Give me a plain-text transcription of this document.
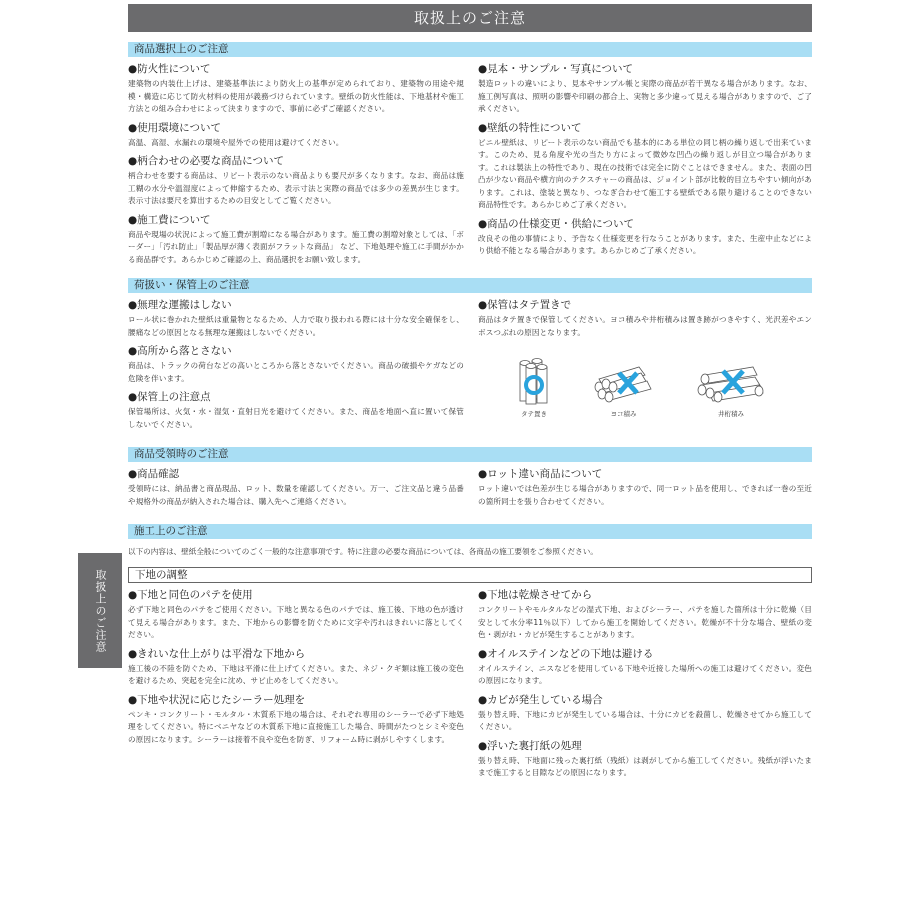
取扱上のご注意
取扱上のご注意
商品選択上のご注意
●防火性について
建築物の内装仕上げは、建築基準法により防火上の基準が定められており、建築物の用途や規模・構造に応じて防火材料の使用が義務づけられています。壁紙の防火性能は、下地基材や施工方法との組み合わせによって決まりますので、事前に必ずご確認ください。
●使用環境について
高温、高湿、水漏れの環境や屋外での使用は避けてください。
●柄合わせの必要な商品について
柄合わせを要する商品は、リピート表示のない商品よりも要尺が多くなります。なお、商品は施工糊の水分や温湿度によって伸縮するため、表示寸法と実際の商品では多少の差異が生じます。表示寸法は要尺を算出するための目安としてご覧ください。
●施工費について
商品や現場の状況によって施工費が割増になる場合があります。施工費の割増対象としては、「ボーダー」「汚れ防止」「製品厚が薄く表面がフラットな商品」 など、下地処理や施工に手間がかかる商品群です。あらかじめご確認の上、商品選択をお願い致します。
●見本・サンプル・写真について
製造ロットの違いにより、見本やサンプル帳と実際の商品が若干異なる場合があります。なお、施工例写真は、照明の影響や印刷の都合上、実物と多少違って見える場合がありますので、ご了承ください。
●壁紙の特性について
ビニル壁紙は、リピート表示のない商品でも基本的にある単位の同じ柄の繰り返しで出来ています。このため、見る角度や光の当たり方によって微妙な凹凸の繰り返しが目立つ場合があります。これは製法上の特性であり、現在の技術では完全に防ぐことはできません。また、表面の凹凸が少ない商品や横方向のテクスチャーの商品は、ジョイント部が比較的目立ちやすい傾向があります。これは、塗装と異なり、つなぎ合わせて施工する壁紙である限り避けることのできない商品特性です。あらかじめご了承ください。
●商品の仕様変更・供給について
改良その他の事情により、予告なく仕様変更を行なうことがあります。また、生産中止などにより供給不能となる場合があります。あらかじめご了承ください。
荷扱い・保管上のご注意
●無理な運搬はしない
ロール状に巻かれた壁紙は重量物となるため、人力で取り扱われる際には十分な安全確保をし、腰痛などの原因となる無理な運搬はしないでください。
●高所から落とさない
商品は、トラックの荷台などの高いところから落とさないでください。商品の破損やケガなどの危険を伴います。
●保管上の注意点
保管場所は、火気・水・湿気・直射日光を避けてください。また、商品を地面へ直に置いて保管しないでください。
●保管はタテ置きで
商品はタテ置きで保管してください。ヨコ積みや井桁積みは置き跡がつきやすく、光沢差やエンボスつぶれの原因となります。
タテ置き	ヨコ積み	井桁積み
商品受領時のご注意
●商品確認
受領時には、納品書と商品現品、ロット、数量を確認してください。万一、ご注文品と違う品番や規格外の商品が納入された場合は、購入先へご連絡ください。
●ロット違い商品について
ロット違いでは色差が生じる場合がありますので、同一ロット品を使用し、できれば一巻の至近の箇所同士を張り合わせてください。
施工上のご注意
以下の内容は、壁紙全般についてのごく一般的な注意事項です。特に注意の必要な商品については、各商品の施工要領をご参照ください。
下地の調整
●下地と同色のパテを使用
必ず下地と同色のパテをご使用ください。下地と異なる色のパテでは、施工後、下地の色が透けて見える場合があります。また、下地からの影響を防ぐために文字や汚れはきれいに落としてください。
●きれいな仕上がりは平滑な下地から
施工後の不陸を防ぐため、下地は平滑に仕上げてください。また、ネジ・クギ類は施工後の変色を避けるため、突起を完全に沈め、サビ止めをしてください。
●下地や状況に応じたシーラー処理を
ペンキ・コンクリート・モルタル・木質系下地の場合は、それぞれ専用のシーラーで必ず下地処理をしてください。特にベニヤなどの木質系下地に直接施工した場合、時間がたつとシミや変色の原因になります。シーラーは接着不良や変色を防ぎ、リフォーム時に剥がしやすくします。
●下地は乾燥させてから
コンクリートやモルタルなどの湿式下地、およびシーラー、パテを施した箇所は十分に乾燥（目安として水分率11％以下）してから施工を開始してください。乾燥が不十分な場合、壁紙の変色・剥がれ・カビが発生することがあります。
●オイルステインなどの下地は避ける
オイルステイン、ニスなどを使用している下地や近接した場所への施工は避けてください。変色の原因になります。
●カビが発生している場合
張り替え時、下地にカビが発生している場合は、十分にカビを殺菌し、乾燥させてから施工してください。
●浮いた裏打紙の処理
張り替え時、下地面に残った裏打紙（残紙）は剥がしてから施工してください。残紙が浮いたままで施工すると目隙などの原因になります。
